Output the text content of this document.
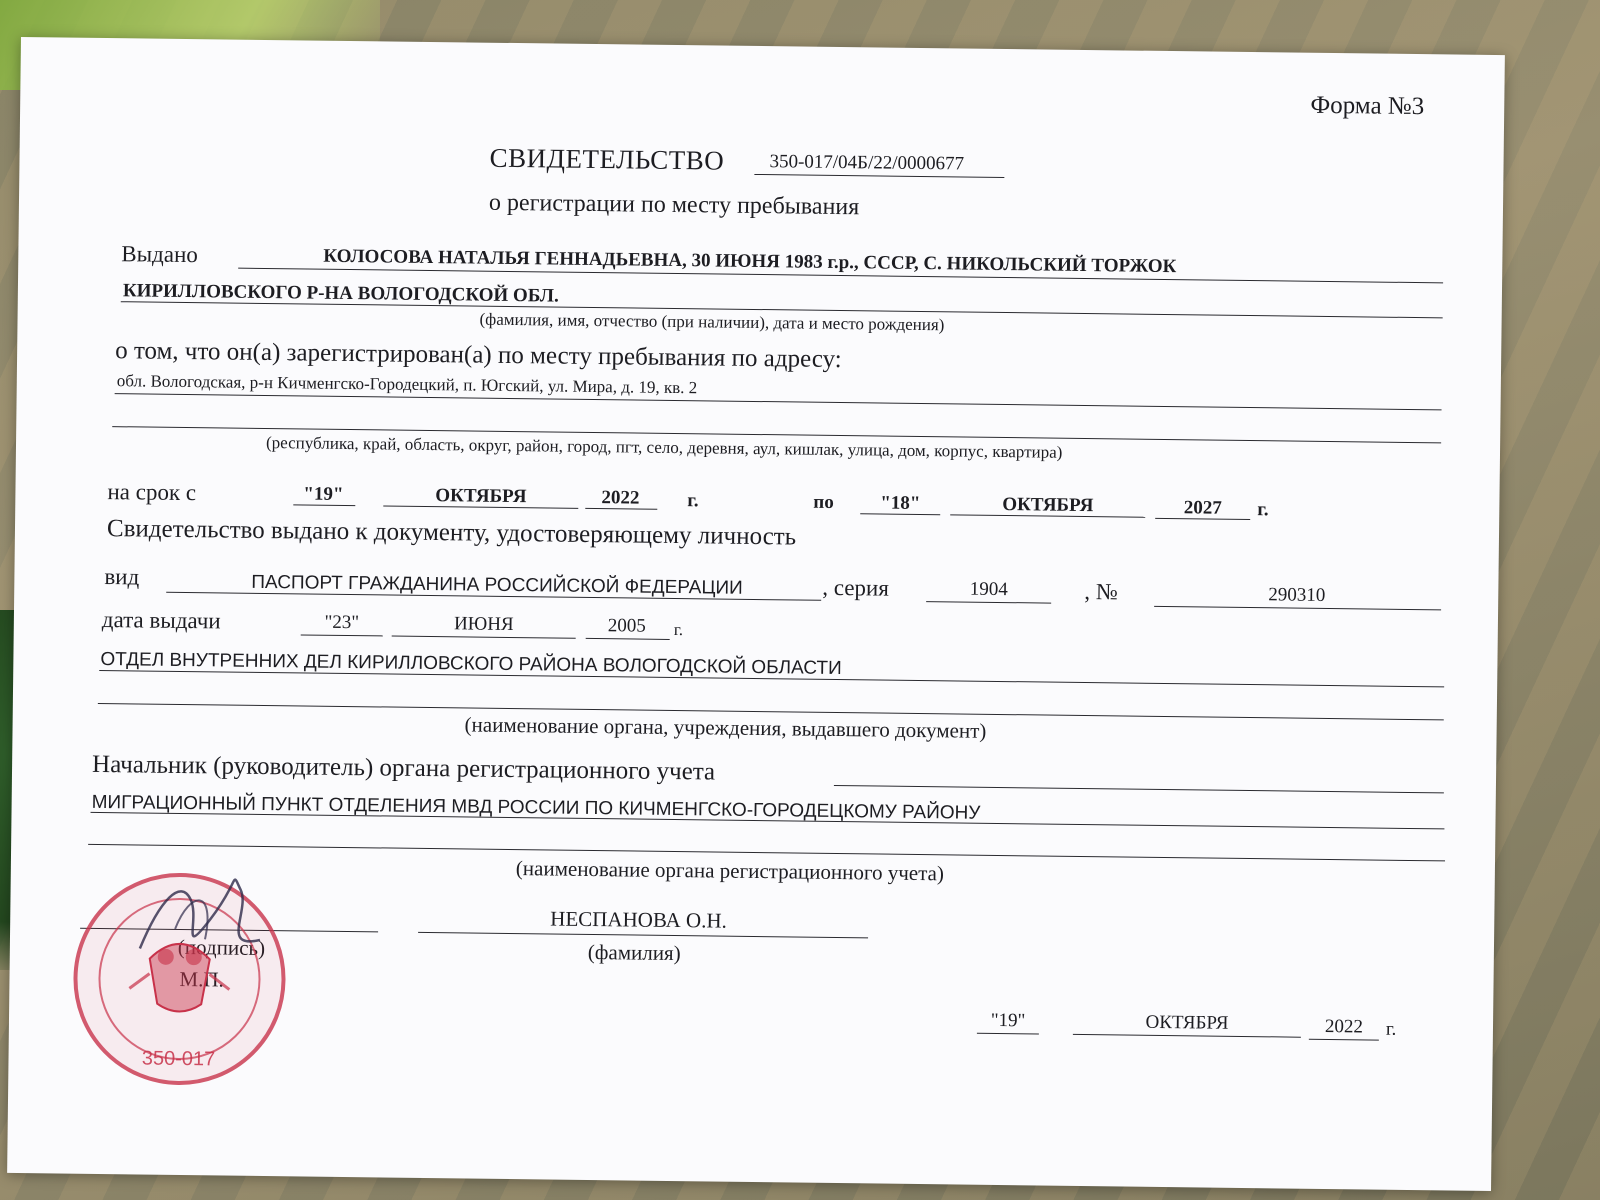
Форма №3
СВИДЕТЕЛЬСТВО 350-017/04Б/22/0000677
о регистрации по месту пребывания
Выдано	КОЛОСОВА НАТАЛЬЯ ГЕННАДЬЕВНА, 30 ИЮНЯ 1983 г.р., СССР, С. НИКОЛЬСКИЙ ТОРЖОК
КИРИЛЛОВСКОГО Р-НА ВОЛОГОДСКОЙ ОБЛ.
(фамилия, имя, отчество (при наличии), дата и место рождения)
о том, что он(а) зарегистрирован(а) по месту пребывания по адресу:
обл. Вологодская, р-н Кичменгско-Городецкий, п. Югский, ул. Мира, д. 19, кв. 2
(республика, край, область, округ, район, город, пгт, село, деревня, аул, кишлак, улица, дом, корпус, квартира)
на срок с	"19"	ОКТЯБРЯ	2022	г.	по	"18"	ОКТЯБРЯ	2027	г.
Свидетельство выдано к документу, удостоверяющему личность
вид	ПАСПОРТ ГРАЖДАНИНА РОССИЙСКОЙ ФЕДЕРАЦИИ	, серия	1904	, №	290310
дата выдачи	"23"	ИЮНЯ	2005	г.
ОТДЕЛ ВНУТРЕННИХ ДЕЛ КИРИЛЛОВСКОГО РАЙОНА ВОЛОГОДСКОЙ ОБЛАСТИ
(наименование органа, учреждения, выдавшего документ)
Начальник (руководитель) органа регистрационного учета
МИГРАЦИОННЫЙ ПУНКТ ОТДЕЛЕНИЯ МВД РОССИИ ПО КИЧМЕНГСКО-ГОРОДЕЦКОМУ РАЙОНУ
(наименование органа регистрационного учета)
НЕСПАНОВА О.Н.
(фамилия)
"19"	ОКТЯБРЯ	2022	г.
350-017
